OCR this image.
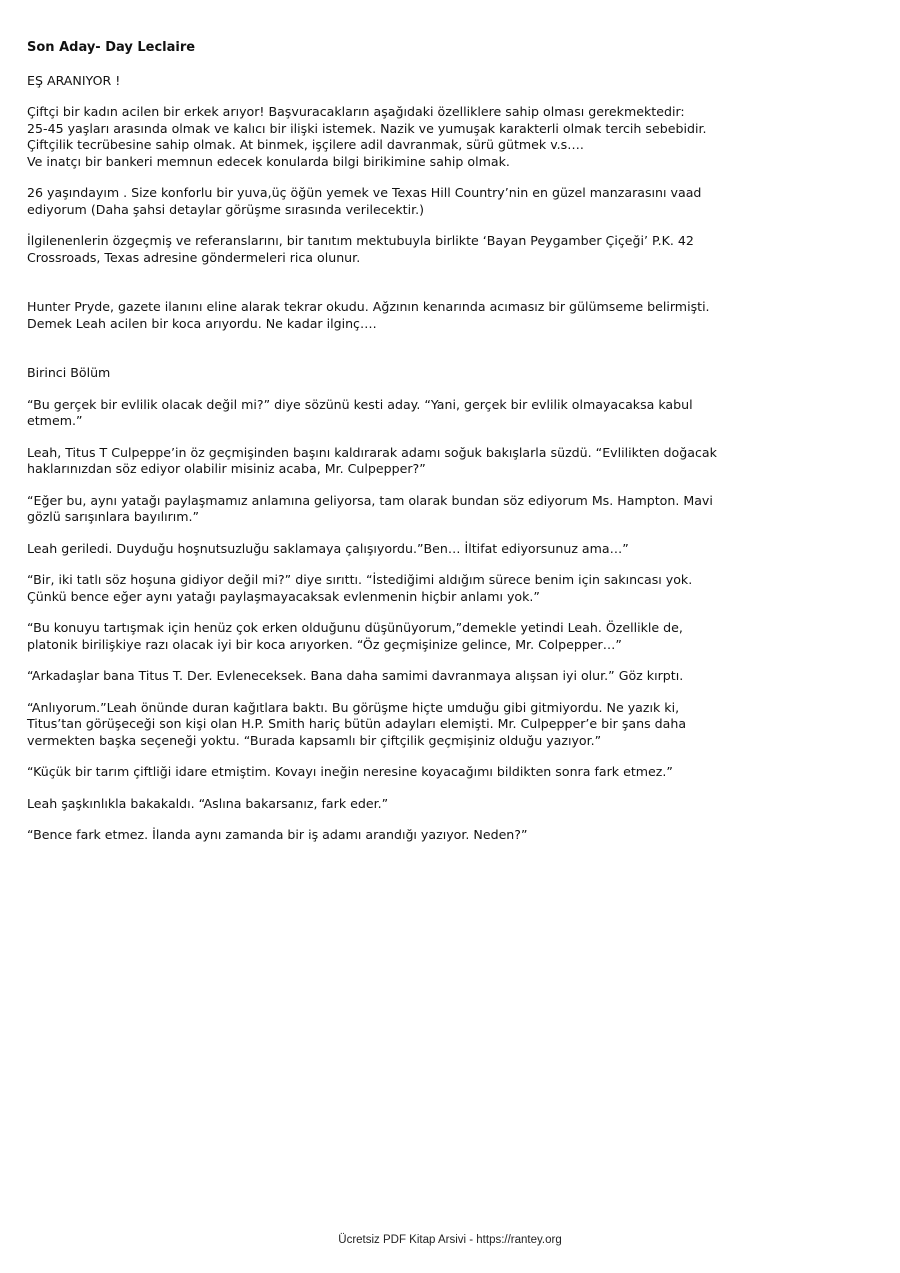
Son Aday- Day Leclaire

EŞ ARANIYOR !

Çiftçi bir kadın acilen bir erkek arıyor! Başvuracakların aşağıdaki özelliklere sahip olması gerekmektedir:
25-45 yaşları arasında olmak ve kalıcı bir ilişki istemek. Nazik ve yumuşak karakterli olmak tercih sebebidir.
Çiftçilik tecrübesine sahip olmak. At binmek, işçilere adil davranmak, sürü gütmek v.s….
Ve inatçı bir bankeri memnun edecek konularda bilgi birikimine sahip olmak.

26 yaşındayım . Size konforlu bir yuva,üç öğün yemek ve Texas Hill Country’nin en güzel manzarasını vaad ediyorum (Daha şahsi detaylar görüşme sırasında verilecektir.)

İlgilenenlerin özgeçmiş ve referanslarını, bir tanıtım mektubuyla birlikte ‘Bayan Peygamber Çiçeği’ P.K. 42 Crossroads, Texas adresine göndermeleri rica olunur.

Hunter Pryde, gazete ilanını eline alarak tekrar okudu. Ağzının kenarında acımasız bir gülümseme belirmişti. Demek Leah acilen bir koca arıyordu. Ne kadar ilginç….

Birinci Bölüm

“Bu gerçek bir evlilik olacak değil mi?” diye sözünü kesti aday. “Yani, gerçek bir evlilik olmayacaksa kabul etmem.”

Leah, Titus T Culpeppe’in öz geçmişinden başını kaldırarak adamı soğuk bakışlarla süzdü. “Evlilikten doğacak haklarınızdan söz ediyor olabilir misiniz acaba, Mr. Culpepper?”

“Eğer bu, aynı yatağı paylaşmamız anlamına geliyorsa, tam olarak bundan söz ediyorum Ms. Hampton. Mavi gözlü sarışınlara bayılırım.”

Leah geriledi. Duyduğu hoşnutsuzluğu saklamaya çalışıyordu.”Ben… İltifat ediyorsunuz ama…”

“Bir, iki tatlı söz hoşuna gidiyor değil mi?” diye sırıttı. “İstediğimi aldığım sürece benim için sakıncası yok. Çünkü bence eğer aynı yatağı paylaşmayacaksak evlenmenin hiçbir anlamı yok.”

“Bu konuyu tartışmak için henüz çok erken olduğunu düşünüyorum,”demekle yetindi Leah. Özellikle de, platonik birilişkiye razı olacak iyi bir koca arıyorken. “Öz geçmişinize gelince, Mr. Colpepper…”

“Arkadaşlar bana Titus T. Der. Evleneceksek. Bana daha samimi davranmaya alışsan iyi olur.” Göz kırptı.

“Anlıyorum.”Leah önünde duran kağıtlara baktı. Bu görüşme hiçte umduğu gibi gitmiyordu. Ne yazık ki, Titus’tan görüşeceği son kişi olan H.P. Smith hariç bütün adayları elemişti. Mr. Culpepper’e bir şans daha vermekten başka seçeneği yoktu. “Burada kapsamlı bir çiftçilik geçmişiniz olduğu yazıyor.”

“Küçük bir tarım çiftliği idare etmiştim. Kovayı ineğin neresine koyacağımı bildikten sonra fark etmez.”

Leah şaşkınlıkla bakakaldı. “Aslına bakarsanız, fark eder.”

“Bence fark etmez. İlanda aynı zamanda bir iş adamı arandığı yazıyor. Neden?”

Ücretsiz PDF Kitap Arsivi - https://rantey.org
